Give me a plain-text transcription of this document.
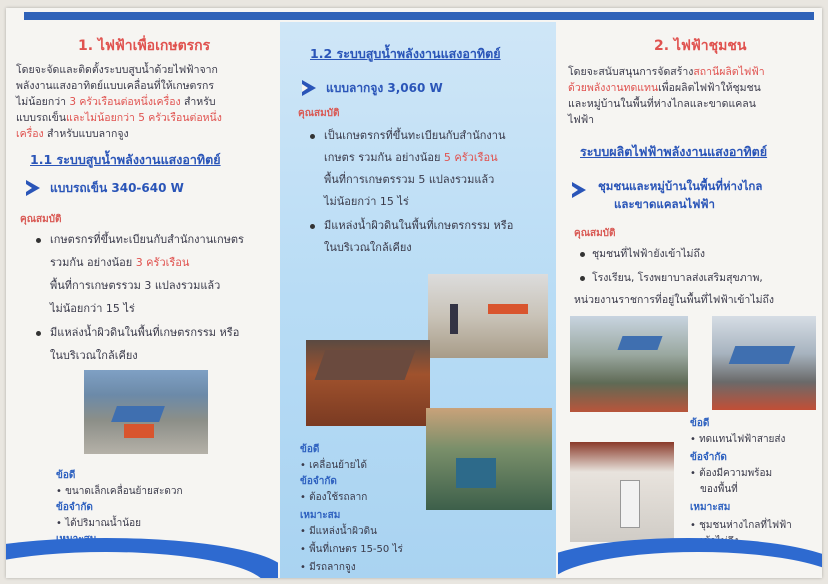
1. ไฟฟ้าเพื่อเกษตรกร
โดยจะจัดและติดตั้งระบบสูบน้ำด้วยไฟฟ้าจาก
พลังงานแสงอาทิตย์แบบเคลื่อนที่ให้เกษตรกร
ไม่น้อยกว่า 3 ครัวเรือนต่อหนึ่งเครื่อง สำหรับ
แบบรถเข็นและไม่น้อยกว่า 5 ครัวเรือนต่อหนึ่ง
เครื่อง สำหรับแบบลากจูง
1.1 ระบบสูบน้ำพลังงานแสงอาทิตย์
แบบรถเข็น 340-640 W
คุณสมบัติ
เกษตรกรที่ขึ้นทะเบียนกับสำนักงานเกษตร
รวมกัน อย่างน้อย 3 ครัวเรือน
พื้นที่การเกษตรรวม 3 แปลงรวมแล้ว
ไม่น้อยกว่า 15 ไร่
มีแหล่งน้ำผิวดินในพื้นที่เกษตรกรรม หรือ
ในบริเวณใกล้เคียง
ข้อดี
• ขนาดเล็กเคลื่อนย้ายสะดวก
ข้อจำกัด
• ได้ปริมาณน้ำน้อย
1.2 ระบบสูบน้ำพลังงานแสงอาทิตย์
แบบลากจูง 3,060 W
คุณสมบัติ
เป็นเกษตรกรที่ขึ้นทะเบียนกับสำนักงาน
เกษตร รวมกัน อย่างน้อย 5 ครัวเรือน
พื้นที่การเกษตรรวม 5 แปลงรวมแล้ว
ไม่น้อยกว่า 15 ไร่
มีแหล่งน้ำผิวดินในพื้นที่เกษตรกรรม หรือ
ในบริเวณใกล้เคียง
ข้อดี
• เคลื่อนย้ายได้
ข้อจำกัด
• ต้องใช้รถลาก
เหมาะสม
• มีแหล่งน้ำผิวดิน
• พื้นที่เกษตร 15-50 ไร่
• มีรถลากจูง
2. ไฟฟ้าชุมชน
โดยจะสนับสนุนการจัดสร้างสถานีผลิตไฟฟ้า
ด้วยพลังงานทดแทนเพื่อผลิตไฟฟ้าให้ชุมชน
และหมู่บ้านในพื้นที่ห่างไกลและขาดแคลน
ไฟฟ้า
ระบบผลิตไฟฟ้าพลังงานแสงอาทิตย์
ชุมชนและหมู่บ้านในพื้นที่ห่างไกล
และขาดแคลนไฟฟ้า
คุณสมบัติ
ชุมชนที่ไฟฟ้ายังเข้าไม่ถึง
โรงเรียน, โรงพยาบาลส่งเสริมสุขภาพ,
หน่วยงานราชการที่อยู่ในพื้นที่ไฟฟ้าเข้าไม่ถึง
ข้อดี
• ทดแทนไฟฟ้าสายส่ง
ข้อจำกัด
• ต้องมีความพร้อม
ของพื้นที่
เหมาะสม
• ชุมชนห่างไกลที่ไฟฟ้า
